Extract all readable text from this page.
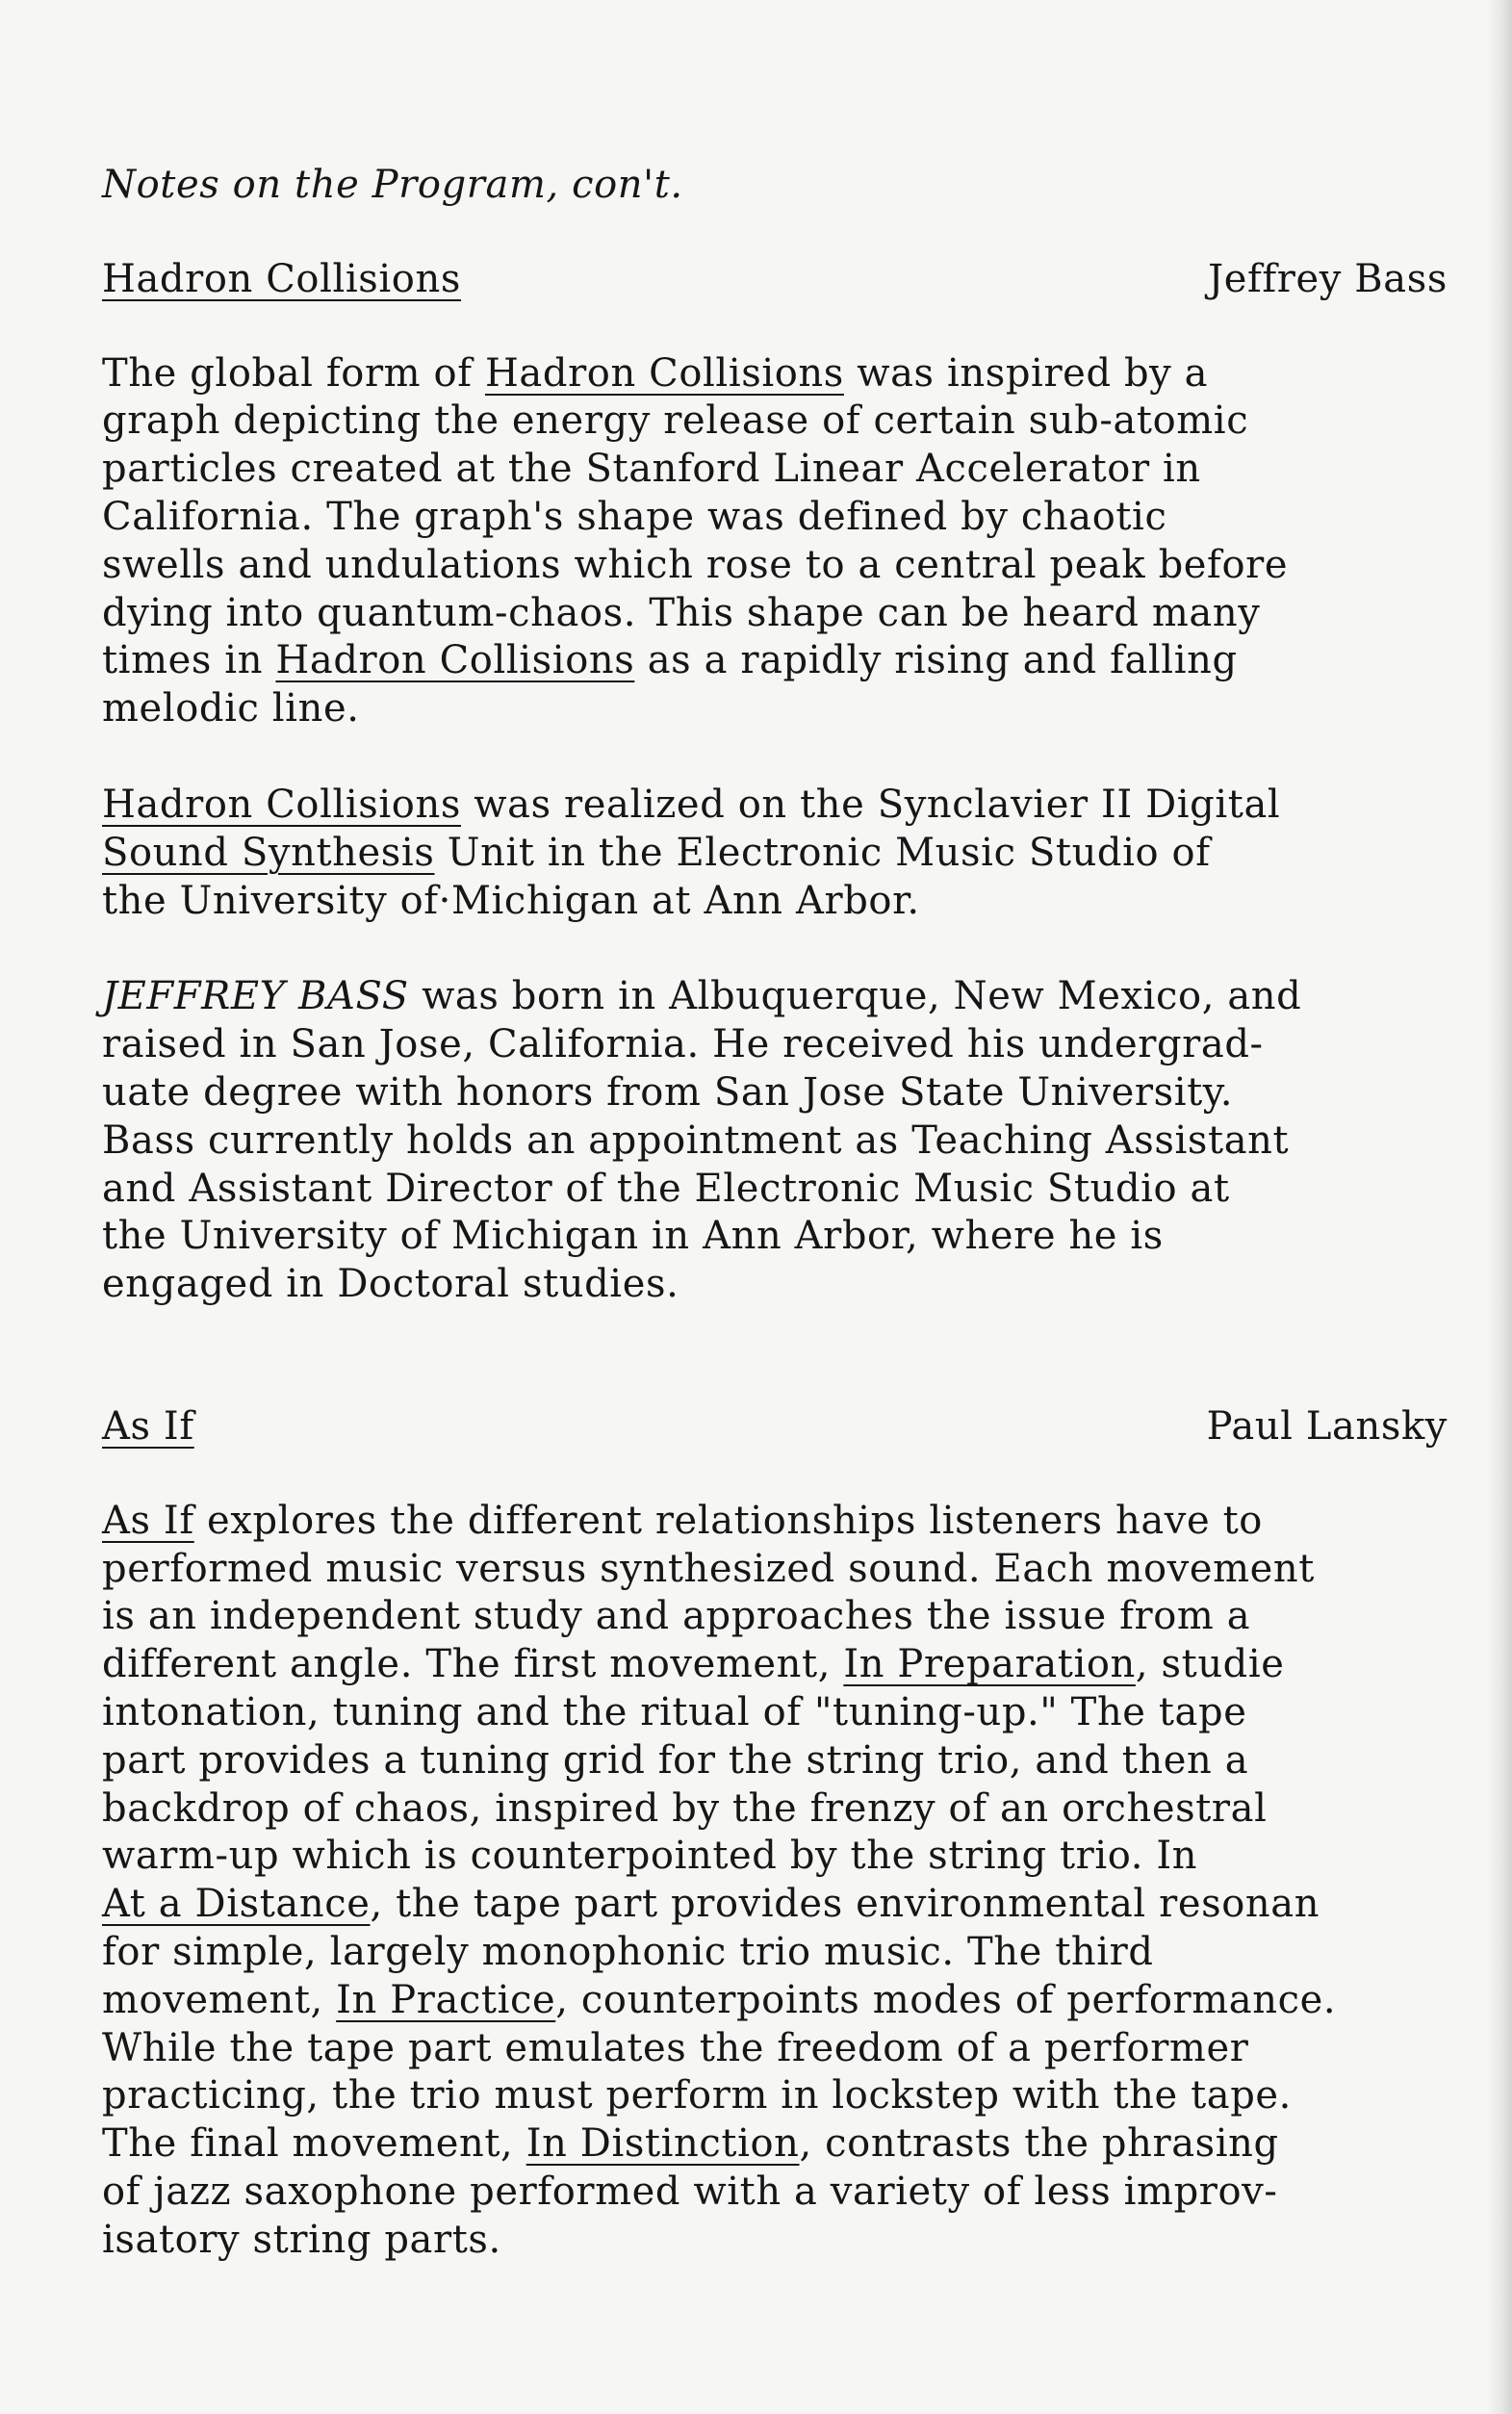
Notes on the Program, con't.
Hadron Collisions	Jeffrey Bass
The global form of Hadron Collisions was inspired by a
graph depicting the energy release of certain sub-atomic
particles created at the Stanford Linear Accelerator in
California. The graph's shape was defined by chaotic
swells and undulations which rose to a central peak before
dying into quantum-chaos. This shape can be heard many
times in Hadron Collisions as a rapidly rising and falling
melodic line.
Hadron Collisions was realized on the Synclavier II Digital
Sound Synthesis Unit in the Electronic Music Studio of
the University of·Michigan at Ann Arbor.
JEFFREY BASS was born in Albuquerque, New Mexico, and
raised in San Jose, California. He received his undergrad-
uate degree with honors from San Jose State University.
Bass currently holds an appointment as Teaching Assistant
and Assistant Director of the Electronic Music Studio at
the University of Michigan in Ann Arbor, where he is
engaged in Doctoral studies.
As If	Paul Lansky
As If explores the different relationships listeners have to
performed music versus synthesized sound. Each movement
is an independent study and approaches the issue from a
different angle. The first movement, In Preparation, studie
intonation, tuning and the ritual of "tuning-up." The tape
part provides a tuning grid for the string trio, and then a
backdrop of chaos, inspired by the frenzy of an orchestral
warm-up which is counterpointed by the string trio. In
At a Distance, the tape part provides environmental resonan
for simple, largely monophonic trio music. The third
movement, In Practice, counterpoints modes of performance.
While the tape part emulates the freedom of a performer
practicing, the trio must perform in lockstep with the tape.
The final movement, In Distinction, contrasts the phrasing
of jazz saxophone performed with a variety of less improv-
isatory string parts.
